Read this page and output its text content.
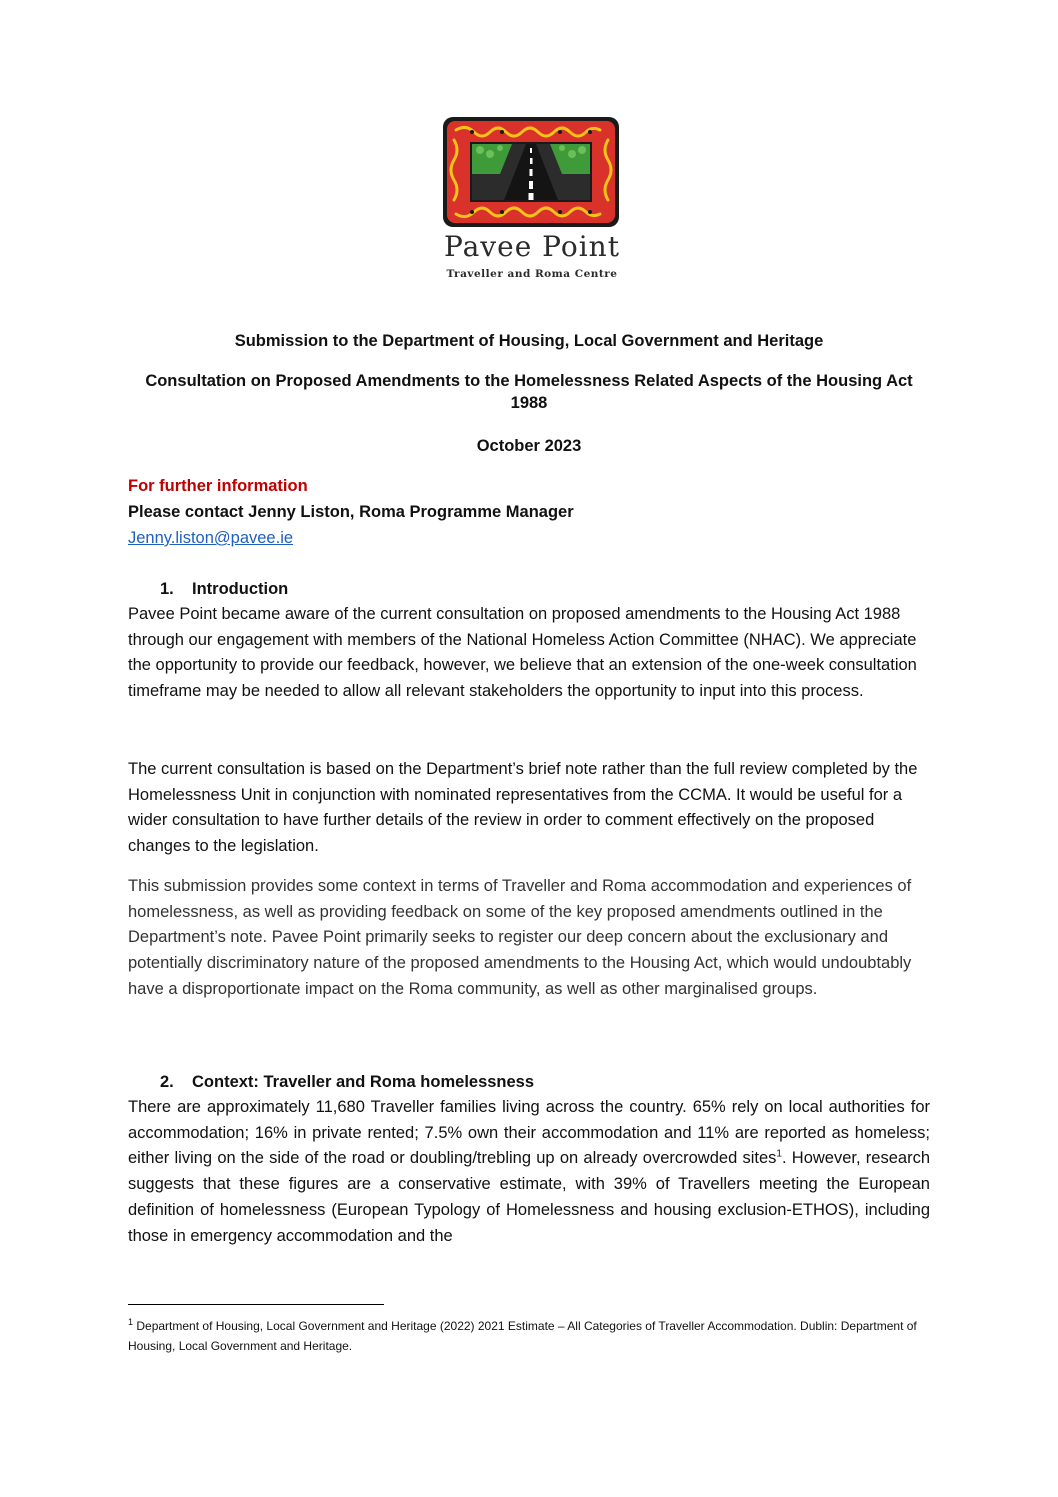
Pavee Point
Traveller and Roma Centre
Submission to the Department of Housing, Local Government and Heritage
Consultation on Proposed Amendments to the Homelessness Related Aspects of the Housing Act 1988
October 2023
For further information
Please contact Jenny Liston, Roma Programme Manager
Jenny.liston@pavee.ie
1. Introduction

Pavee Point became aware of the current consultation on proposed amendments to the Housing Act 1988 through our engagement with members of the National Homeless Action Committee (NHAC). We appreciate the opportunity to provide our feedback, however, we believe that an extension of the one-week consultation timeframe may be needed to allow all relevant stakeholders the opportunity to input into this process.

The current consultation is based on the Department’s brief note rather than the full review completed by the Homelessness Unit in conjunction with nominated representatives from the CCMA. It would be useful for a wider consultation to have further details of the review in order to comment effectively on the proposed changes to the legislation.

This submission provides some context in terms of Traveller and Roma accommodation and experiences of homelessness, as well as providing feedback on some of the key proposed amendments outlined in the Department’s note. Pavee Point primarily seeks to register our deep concern about the exclusionary and potentially discriminatory nature of the proposed amendments to the Housing Act, which would undoubtably have a disproportionate impact on the Roma community, as well as other marginalised groups.

2. Context: Traveller and Roma homelessness

There are approximately 11,680 Traveller families living across the country. 65% rely on local authorities for accommodation; 16% in private rented; 7.5% own their accommodation and 11% are reported as homeless; either living on the side of the road or doubling/trebling up on already overcrowded sites$^1$. However, research suggests that these figures are a conservative estimate, with 39% of Travellers meeting the European definition of homelessness (European Typology of Homelessness and housing exclusion-ETHOS), including those in emergency accommodation and the

$^1$ Department of Housing, Local Government and Heritage (2022) 2021 Estimate – All Categories of Traveller Accommodation. Dublin: Department of Housing, Local Government and Heritage.
